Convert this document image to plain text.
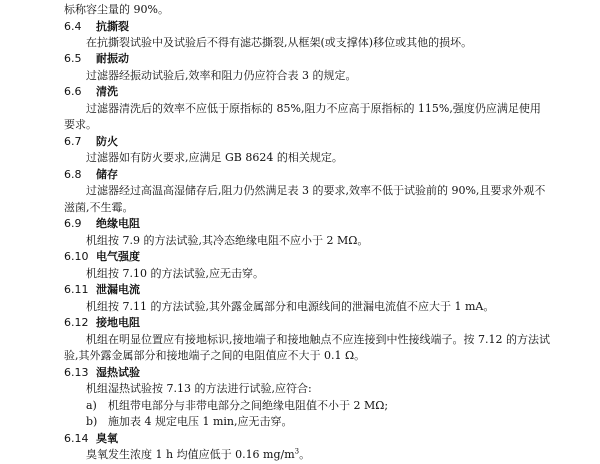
标称容尘量的 90%。
6.4 抗撕裂
在抗撕裂试验中及试验后不得有滤芯撕裂,从框架(或支撑体)移位或其他的损坏。
6.5 耐振动
过滤器经振动试验后,效率和阻力仍应符合表 3 的规定。
6.6 清洗
过滤器清洗后的效率不应低于原指标的 85%,阻力不应高于原指标的 115%,强度仍应满足使用
要求。
6.7 防火
过滤器如有防火要求,应满足 GB 8624 的相关规定。
6.8 储存
过滤器经过高温高湿储存后,阻力仍然满足表 3 的要求,效率不低于试验前的 90%,且要求外观不
滋菌,不生霉。
6.9 绝缘电阻
机组按 7.9 的方法试验,其冷态绝缘电阻不应小于 2 MΩ。
6.10 电气强度
机组按 7.10 的方法试验,应无击穿。
6.11 泄漏电流
机组按 7.11 的方法试验,其外露金属部分和电源线间的泄漏电流值不应大于 1 mA。
6.12 接地电阻
机组在明显位置应有接地标识,接地端子和接地触点不应连接到中性接线端子。按 7.12 的方法试
验,其外露金属部分和接地端子之间的电阻值应不大于 0.1 Ω。
6.13 湿热试验
机组湿热试验按 7.13 的方法进行试验,应符合:
a) 机组带电部分与非带电部分之间绝缘电阻值不小于 2 MΩ;
b) 施加表 4 规定电压 1 min,应无击穿。
6.14 臭氧
臭氧发生浓度 1 h 均值应低于 0.16 $mg/m^3$。
